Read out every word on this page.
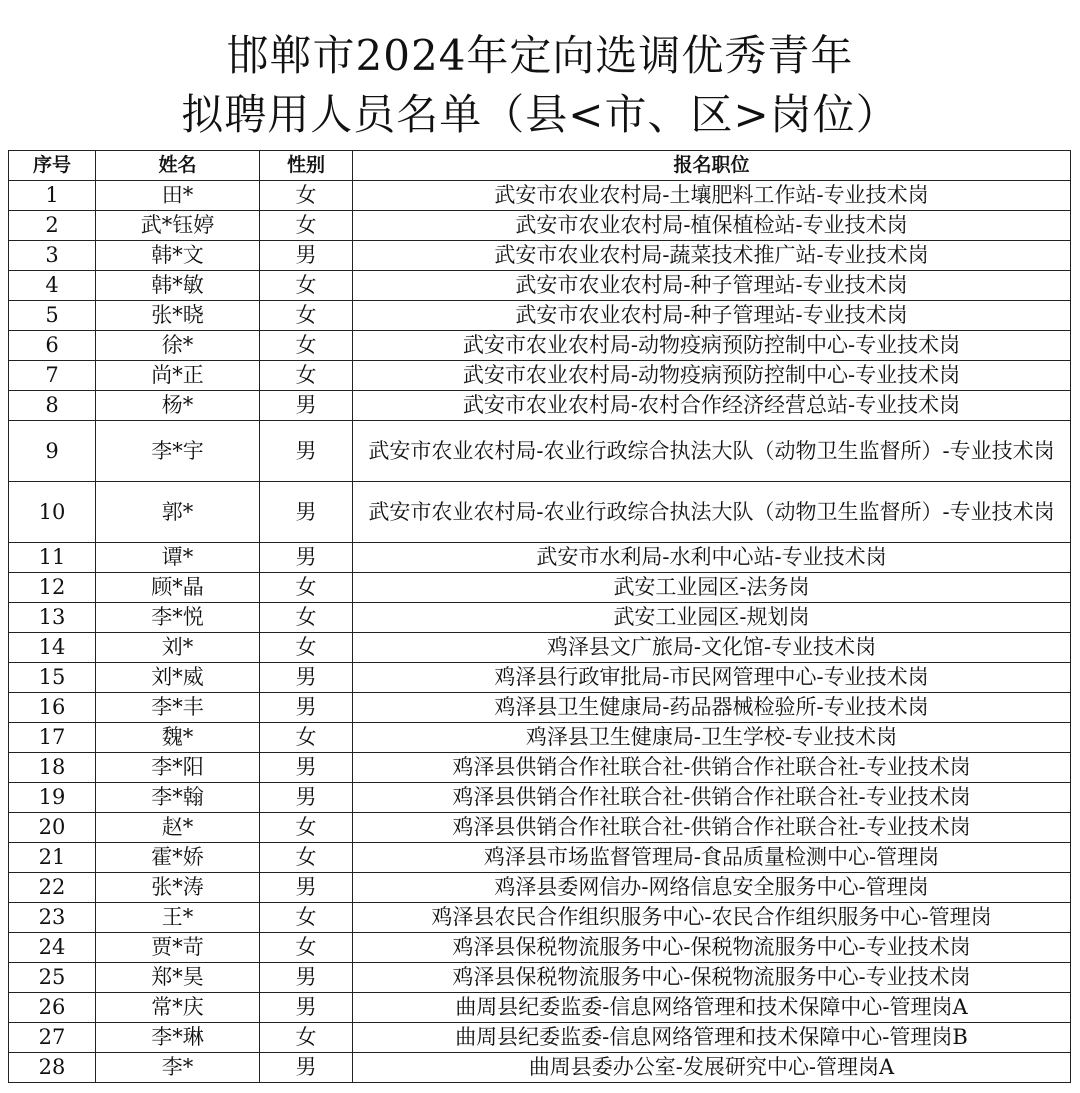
邯郸市2024年定向选调优秀青年
拟聘用人员名单（县<市、区>岗位）
序号	姓名	性别	报名职位
1	田*	女	武安市农业农村局-土壤肥料工作站-专业技术岗
2	武*钰婷	女	武安市农业农村局-植保植检站-专业技术岗
3	韩*文	男	武安市农业农村局-蔬菜技术推广站-专业技术岗
4	韩*敏	女	武安市农业农村局-种子管理站-专业技术岗
5	张*晓	女	武安市农业农村局-种子管理站-专业技术岗
6	徐*	女	武安市农业农村局-动物疫病预防控制中心-专业技术岗
7	尚*正	女	武安市农业农村局-动物疫病预防控制中心-专业技术岗
8	杨*	男	武安市农业农村局-农村合作经济经营总站-专业技术岗
9	李*宇	男	武安市农业农村局-农业行政综合执法大队（动物卫生监督所）-专业技术岗
10	郭*	男	武安市农业农村局-农业行政综合执法大队（动物卫生监督所）-专业技术岗
11	谭*	男	武安市水利局-水利中心站-专业技术岗
12	顾*晶	女	武安工业园区-法务岗
13	李*悦	女	武安工业园区-规划岗
14	刘*	女	鸡泽县文广旅局-文化馆-专业技术岗
15	刘*威	男	鸡泽县行政审批局-市民网管理中心-专业技术岗
16	李*丰	男	鸡泽县卫生健康局-药品器械检验所-专业技术岗
17	魏*	女	鸡泽县卫生健康局-卫生学校-专业技术岗
18	李*阳	男	鸡泽县供销合作社联合社-供销合作社联合社-专业技术岗
19	李*翰	男	鸡泽县供销合作社联合社-供销合作社联合社-专业技术岗
20	赵*	女	鸡泽县供销合作社联合社-供销合作社联合社-专业技术岗
21	霍*娇	女	鸡泽县市场监督管理局-食品质量检测中心-管理岗
22	张*涛	男	鸡泽县委网信办-网络信息安全服务中心-管理岗
23	王*	女	鸡泽县农民合作组织服务中心-农民合作组织服务中心-管理岗
24	贾*苛	女	鸡泽县保税物流服务中心-保税物流服务中心-专业技术岗
25	郑*昊	男	鸡泽县保税物流服务中心-保税物流服务中心-专业技术岗
26	常*庆	男	曲周县纪委监委-信息网络管理和技术保障中心-管理岗A
27	李*琳	女	曲周县纪委监委-信息网络管理和技术保障中心-管理岗B
28	李*	男	曲周县委办公室-发展研究中心-管理岗A
